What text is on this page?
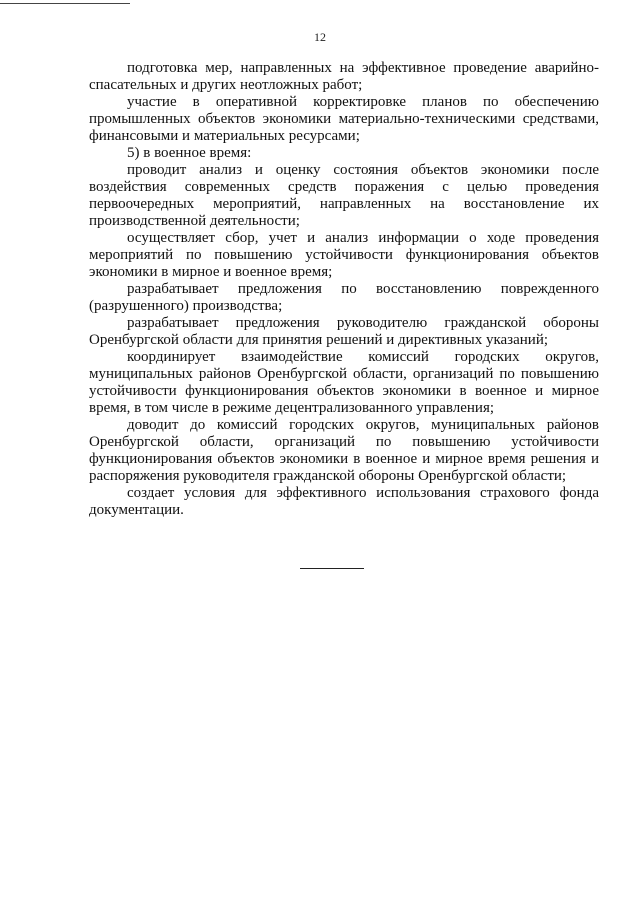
12

подготовка мер, направленных на эффективное проведение аварийно-спасательных и других неотложных работ;

участие в оперативной корректировке планов по обеспечению промышленных объектов экономики материально-техническими средствами, финансовыми и материальных ресурсами;

5) в военное время:

проводит анализ и оценку состояния объектов экономики после воздействия современных средств поражения с целью проведения первоочередных мероприятий, направленных на восстановление их производственной деятельности;

осуществляет сбор, учет и анализ информации о ходе проведения мероприятий по повышению устойчивости функционирования объектов экономики в мирное и военное время;

разрабатывает предложения по восстановлению поврежденного (разрушенного) производства;

разрабатывает предложения руководителю гражданской обороны Оренбургской области для принятия решений и директивных указаний;

координирует взаимодействие комиссий городских округов, муниципальных районов Оренбургской области, организаций по повышению устойчивости функционирования объектов экономики в военное и мирное время, в том числе в режиме децентрализованного управления;

доводит до комиссий городских округов, муниципальных районов Оренбургской области, организаций по повышению устойчивости функционирования объектов экономики в военное и мирное время решения и распоряжения руководителя гражданской обороны Оренбургской области;

создает условия для эффективного использования страхового фонда документации.
